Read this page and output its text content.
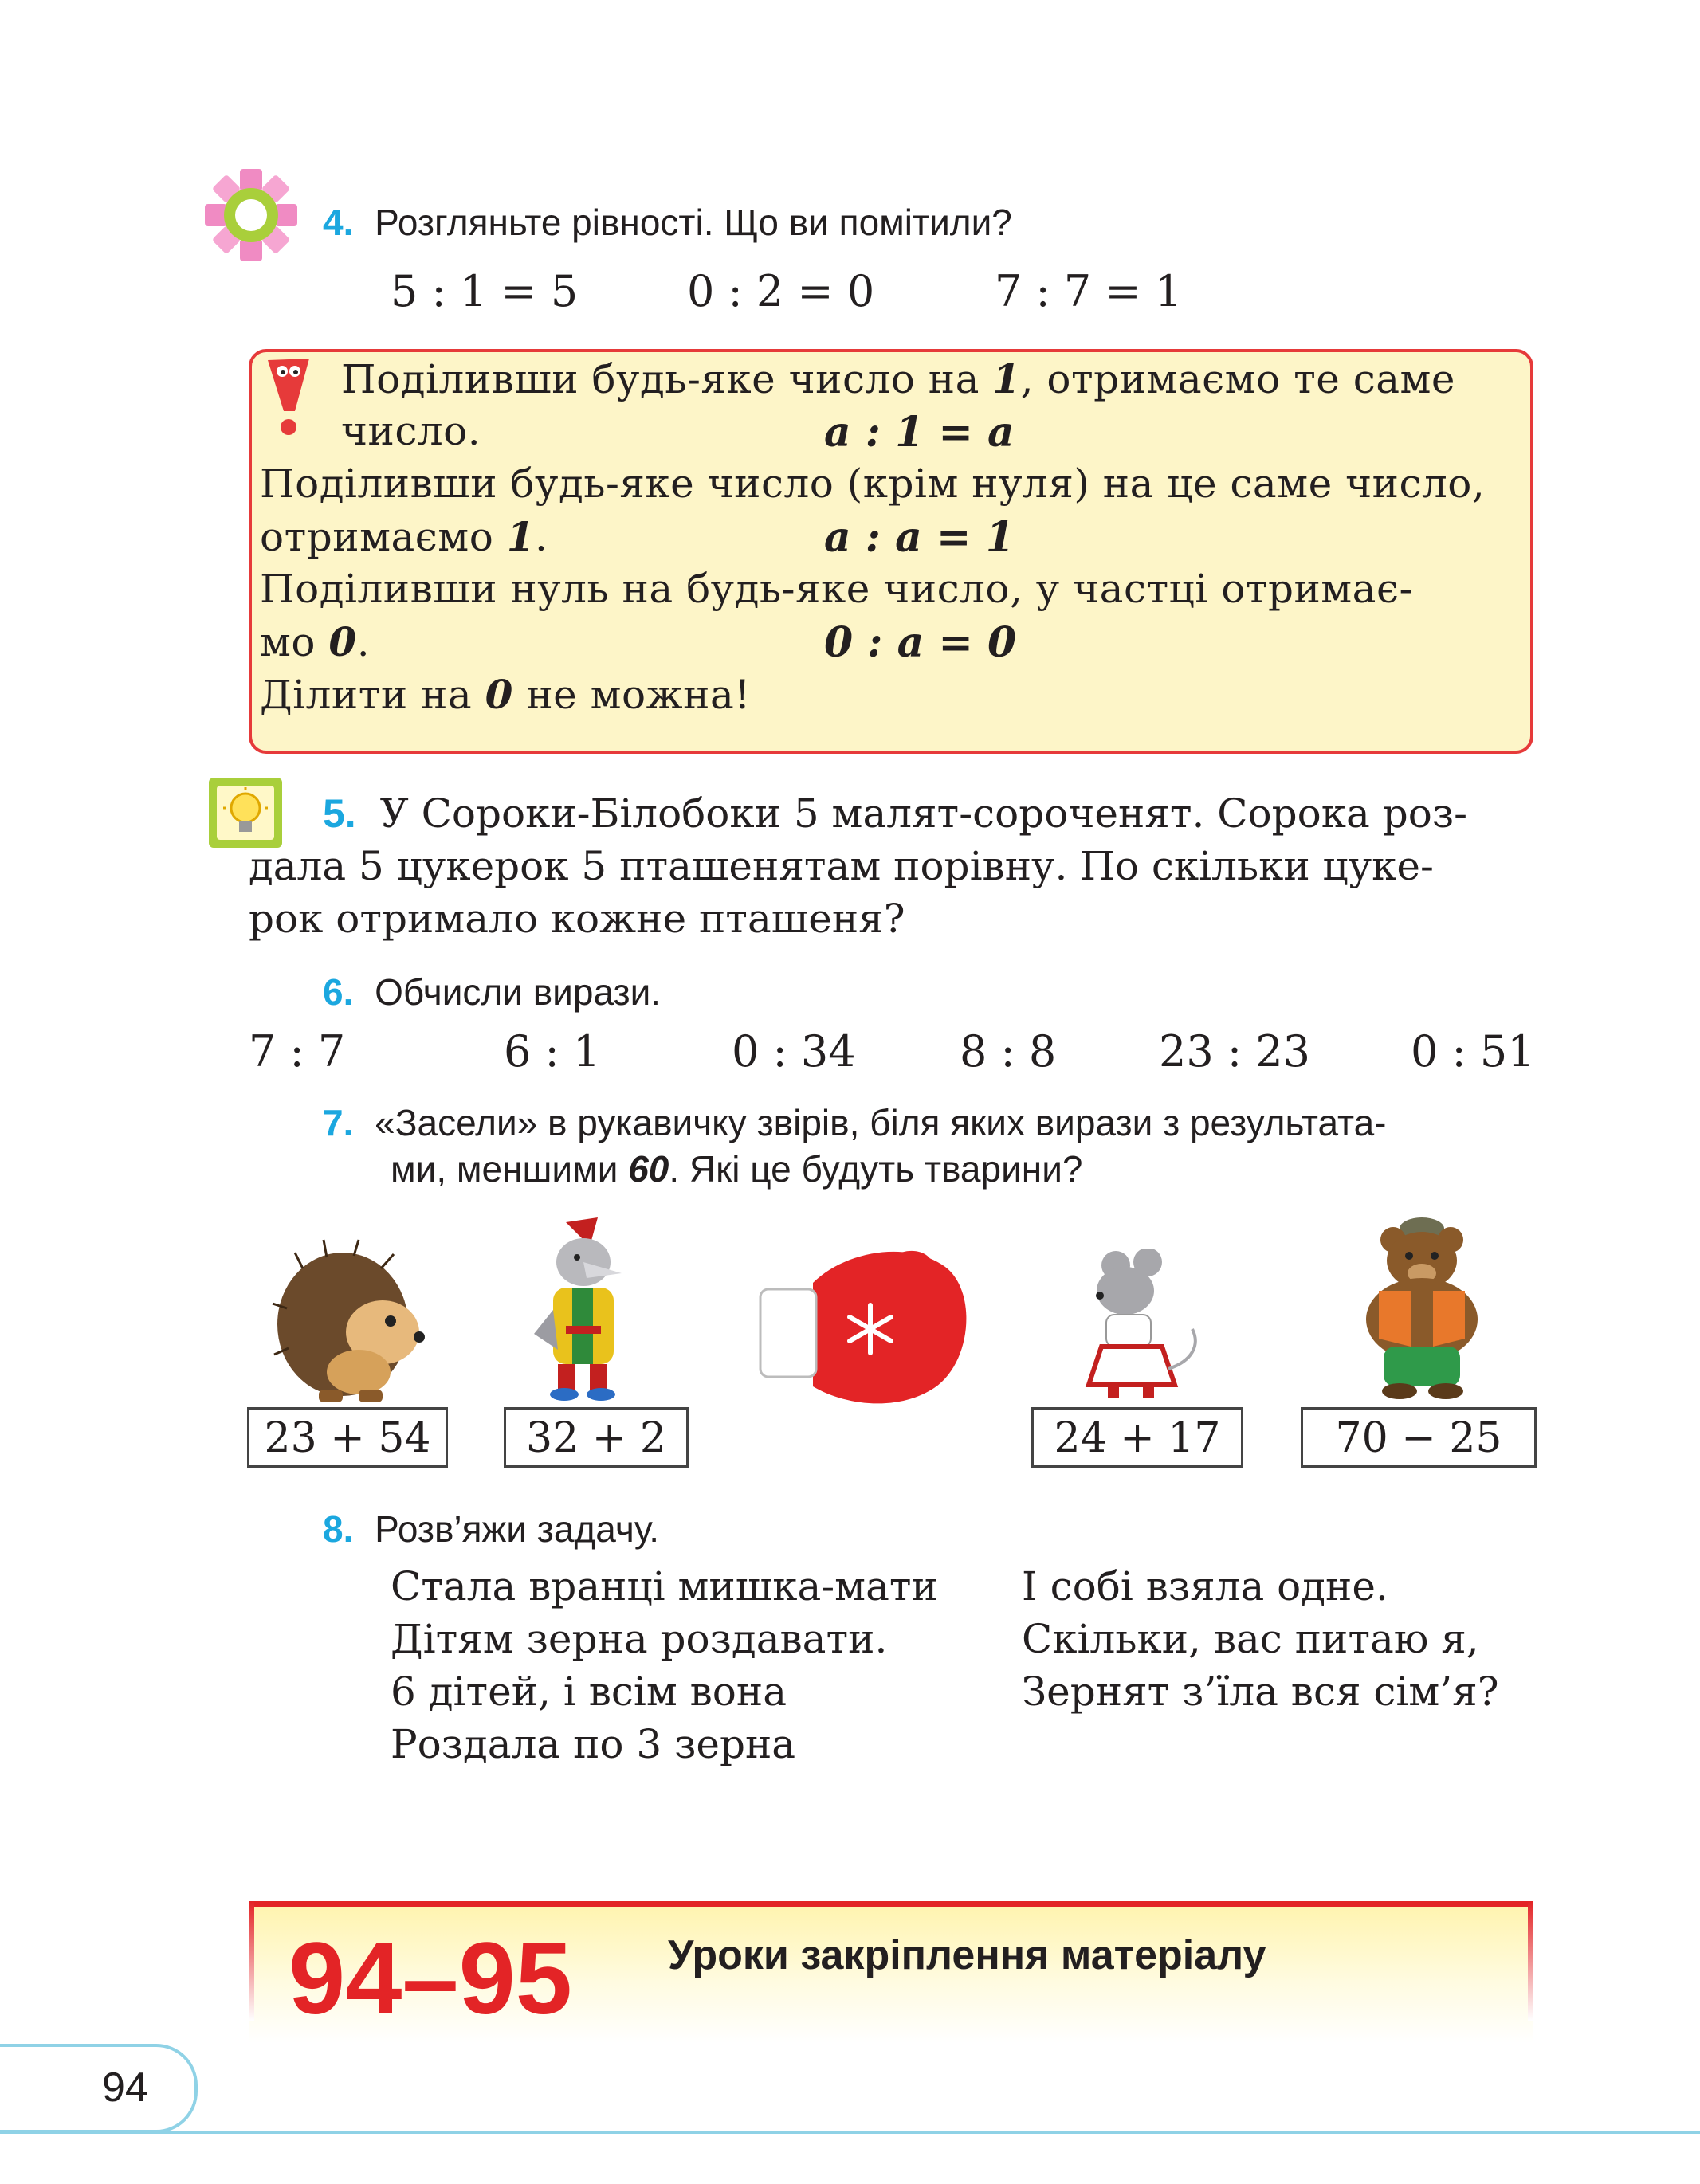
4. Розгляньте рівності. Що ви помітили?
5 : 1 = 5	0 : 2 = 0	7 : 7 = 1
Поділивши будь-яке число на 1, отримаємо те саме
число.	a : 1 = a
Поділивши будь-яке число (крім нуля) на це саме число,
отримаємо 1.	a : a = 1
Поділивши нуль на будь-яке число, у частці отримає-
мо 0.	0 : a = 0
Ділити на 0 не можна!
5. У Сороки-Білобоки 5 малят-сороченят. Сорока роз-
дала 5 цукерок 5 пташенятам порівну. По скільки цуке-
рок отримало кожне пташеня?
6. Обчисли вирази.
7 : 7	6 : 1	0 : 34 8 : 8 23 : 23 0 : 51
7. «Засели» в рукавичку звірів, біля яких вирази з результата-
ми, меншими 60. Які це будуть тварини?
23 + 54	32 + 2	24 + 17	70 − 25
8. Розв’яжи задачу.
Стала вранці мишка-мати
Дітям зерна роздавати.
6 дітей, і всім вона
Роздала по 3 зерна
І собі взяла одне.
Скільки, вас питаю я,
Зернят з’їла вся сім’я?
94–95 Уроки закріплення матеріалу
94
